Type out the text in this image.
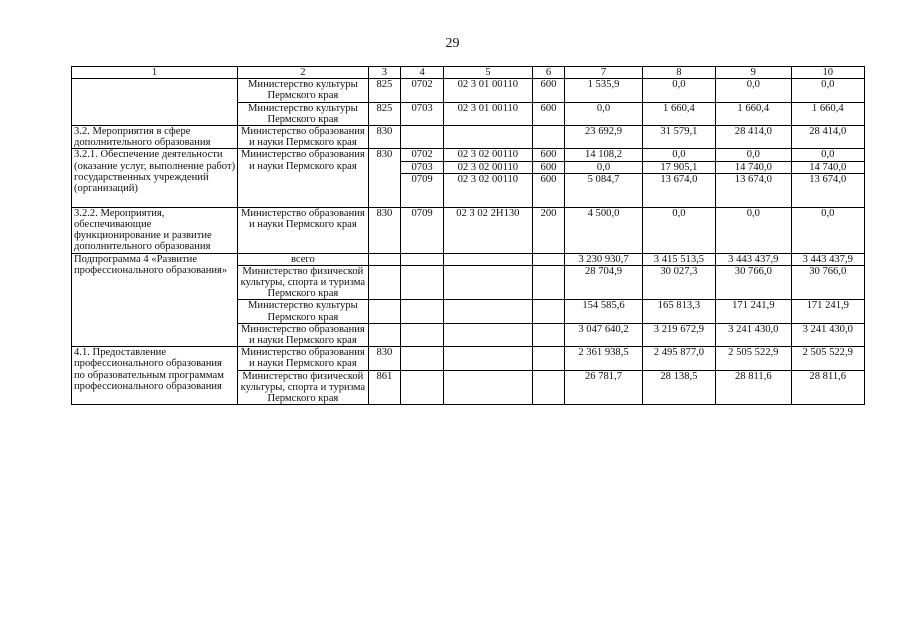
29
1	2	3	4	5	6	7	8	9	10
	Министерство культуры Пермского края	825	0702	02 3 01 00110	600	1 535,9	0,0	0,0	0,0
	Министерство культуры Пермского края	825	0703	02 3 01 00110	600	0,0	1 660,4	1 660,4	1 660,4
3.2. Мероприятия в сфере дополнительного образования	Министерство образования и науки Пермского края	830				23 692,9	31 579,1	28 414,0	28 414,0
3.2.1. Обеспечение деятельности (оказание услуг, выполнение работ) государственных учреждений (организаций)	Министерство образования и науки Пермского края	830	0702	02 3 02 00110	600	14 108,2	0,0	0,0	0,0
			0703	02 3 02 00110	600	0,0	17 905,1	14 740,0	14 740,0
			0709	02 3 02 00110	600	5 084,7	13 674,0	13 674,0	13 674,0
3.2.2. Мероприятия, обеспечивающие функционирование и развитие дополнительного образования	Министерство образования и науки Пермского края	830	0709	02 3 02 2Н130	200	4 500,0	0,0	0,0	0,0
Подпрограмма 4 «Развитие профессионального образования»	всего					3 230 930,7	3 415 513,5	3 443 437,9	3 443 437,9
	Министерство физической культуры, спорта и туризма Пермского края					28 704,9	30 027,3	30 766,0	30 766,0
	Министерство культуры Пермского края					154 585,6	165 813,3	171 241,9	171 241,9
	Министерство образования и науки Пермского края					3 047 640,2	3 219 672,9	3 241 430,0	3 241 430,0
4.1. Предоставление профессионального образования по образовательным программам профессионального образования	Министерство образования и науки Пермского края	830				2 361 938,5	2 495 877,0	2 505 522,9	2 505 522,9
	Министерство физической культуры, спорта и туризма Пермского края	861				26 781,7	28 138,5	28 811,6	28 811,6
